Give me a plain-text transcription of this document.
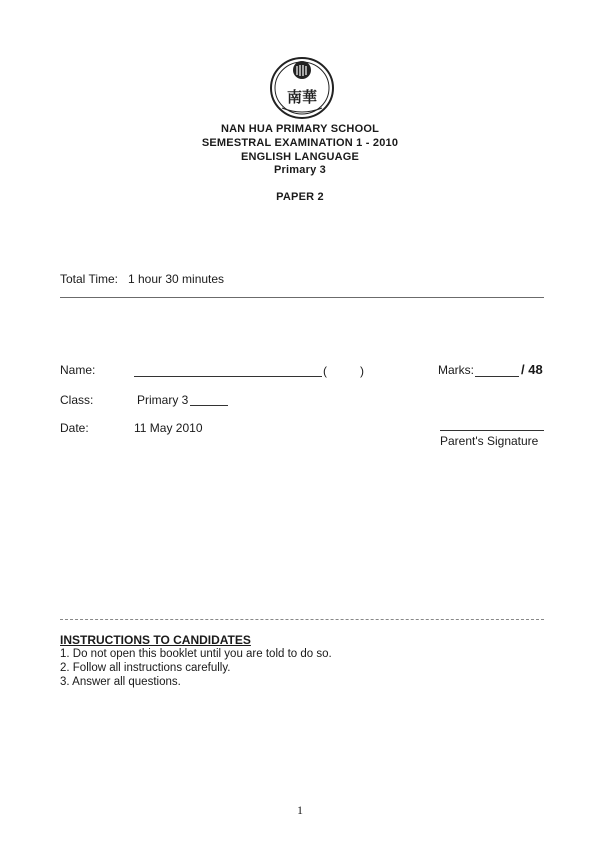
南華
NAN HUA PRIMARY SCHOOL
SEMESTRAL EXAMINATION 1 - 2010
ENGLISH LANGUAGE
Primary 3
PAPER 2
Total Time: 1 hour 30 minutes
Name:	(	)	Marks:	/ 48
Class:	Primary 3
Date:	11 May 2010
Parent's Signature
INSTRUCTIONS TO CANDIDATES
1. Do not open this booklet until you are told to do so.
2. Follow all instructions carefully.
3. Answer all questions.
1
